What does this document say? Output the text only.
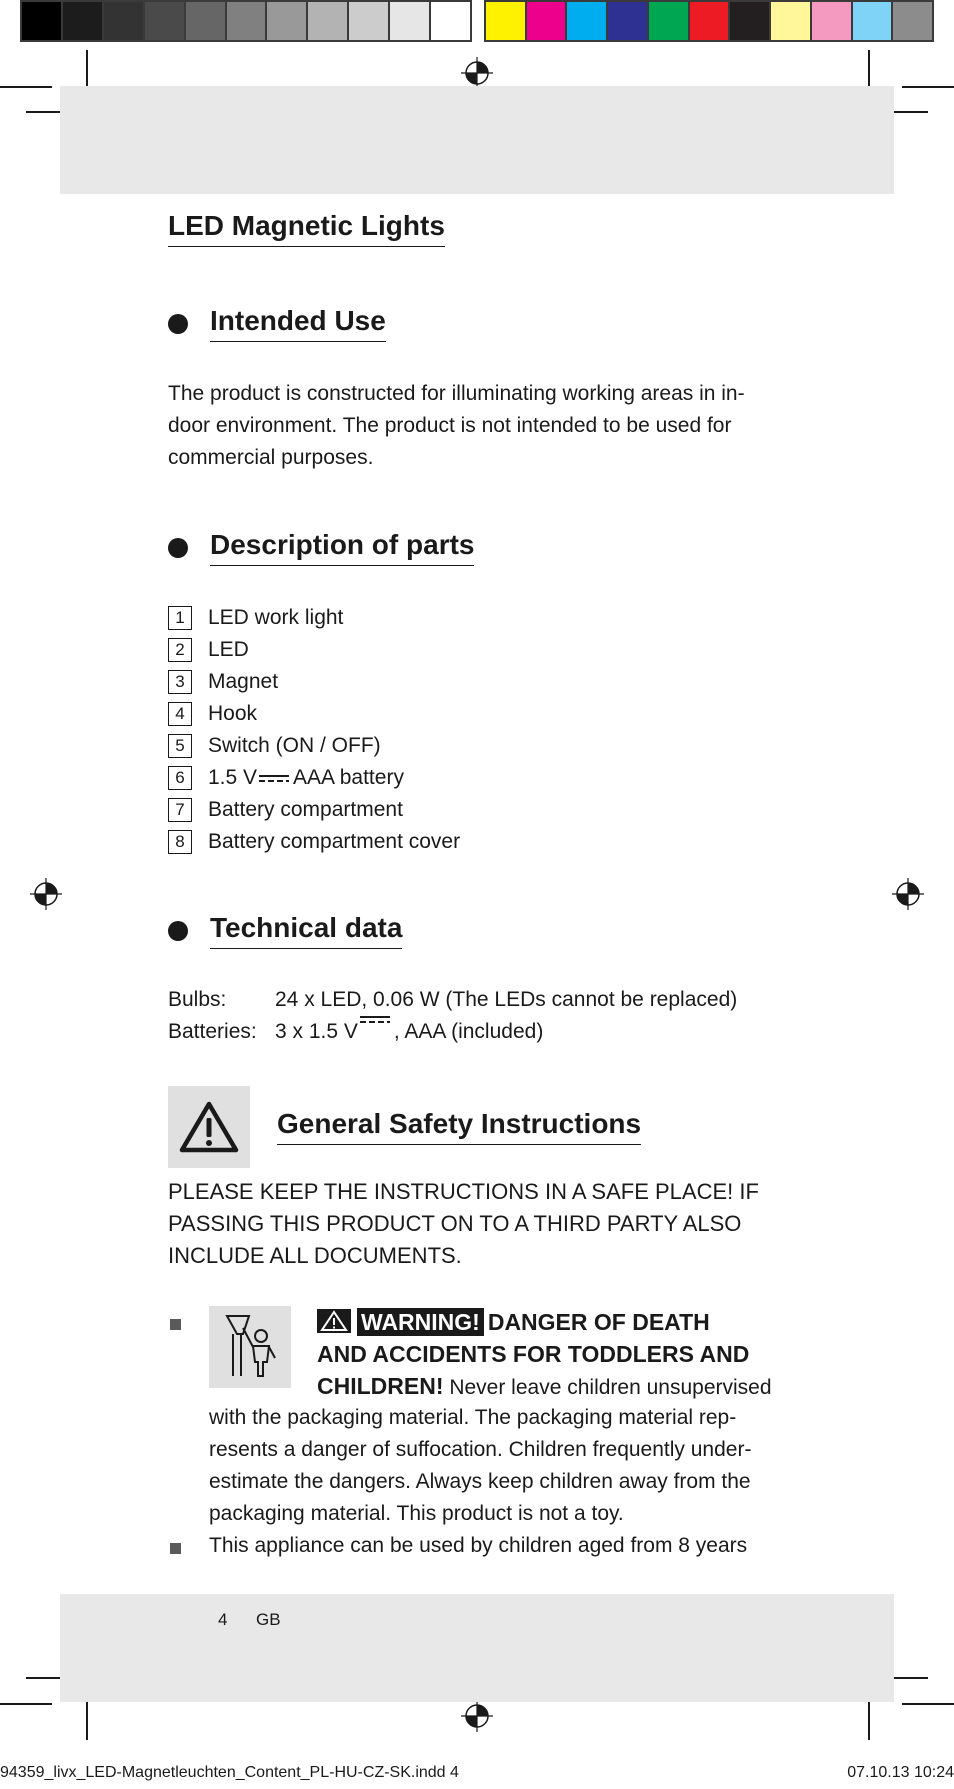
LED Magnetic Lights
Intended Use
The product is constructed for illuminating working areas in in-
door environment. The product is not intended to be used for
commercial purposes.
Description of parts
1	LED work light
2	LED
3	Magnet
4	Hook
5	Switch (ON / OFF)
6	1.5 V AAA battery
7	Battery compartment
8	Battery compartment cover
Technical data
Bulbs:	24 x LED, 0.06 W (The LEDs cannot be replaced)
Batteries: 3 x 1.5 V , AAA (included)
General Safety Instructions
PLEASE KEEP THE INSTRUCTIONS IN A SAFE PLACE! IF
PASSING THIS PRODUCT ON TO A THIRD PARTY ALSO
INCLUDE ALL DOCUMENTS.
WARNING! DANGER OF DEATH
AND ACCIDENTS FOR TODDLERS AND
CHILDREN! Never leave children unsupervised
with the packaging material. The packaging material rep-
resents a danger of suffocation. Children frequently under-
estimate the dangers. Always keep children away from the
packaging material. This product is not a toy.
This appliance can be used by children aged from 8 years
4 GB
94359_livx_LED-Magnetleuchten_Content_PL-HU-CZ-SK.indd 4	07.10.13 10:24
